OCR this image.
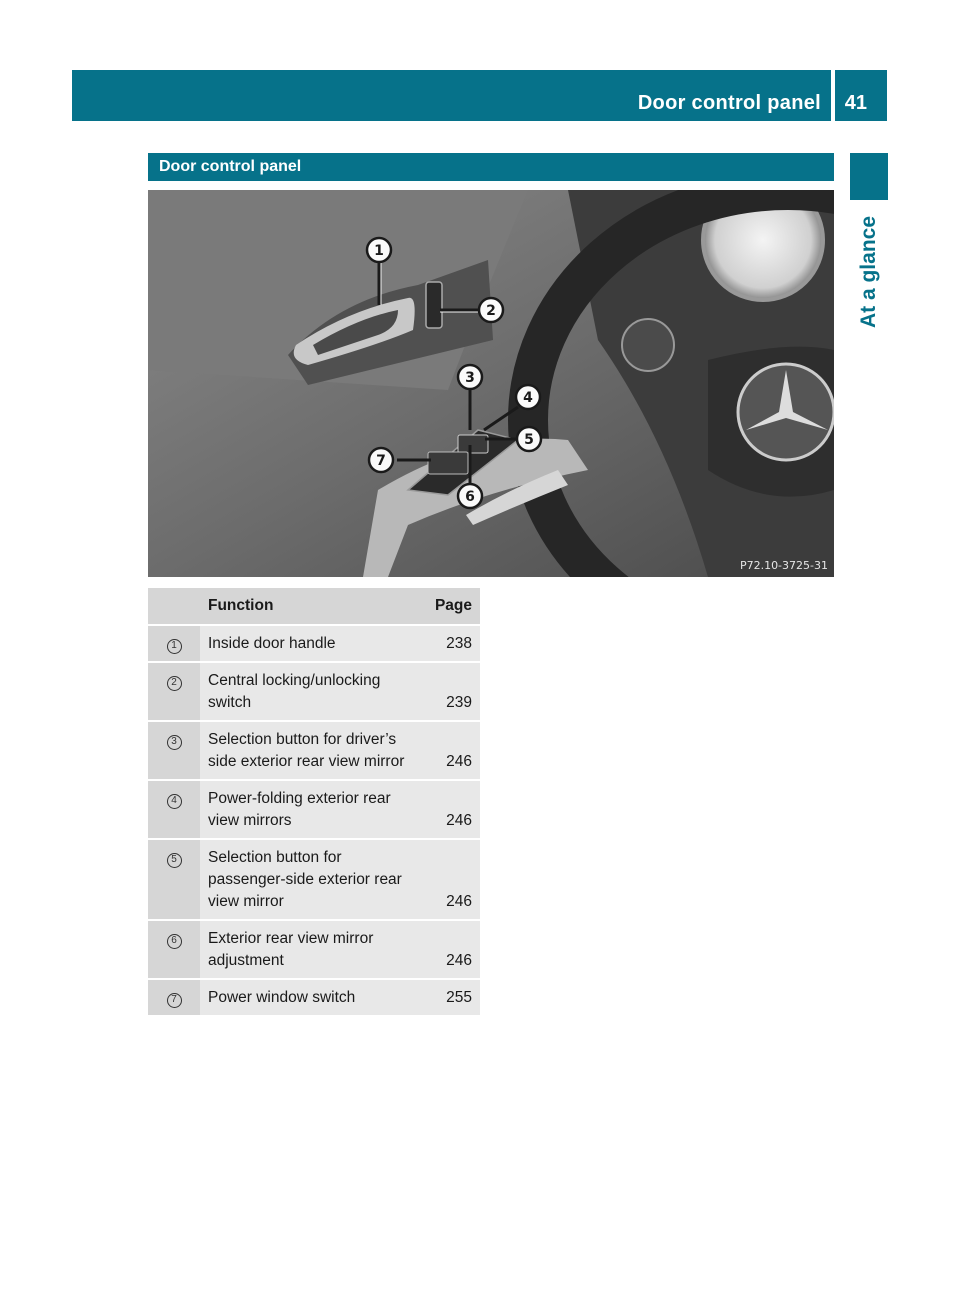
Door control panel 41
At a glance
Door control panel
1
2
3
4
5
6
7
P72.10-3725-31
	Function	Page
1	Inside door handle	238
2	Central locking/unlocking switch	239
3	Selection button for driver’s side exterior rear view mirror	246
4	Power-folding exterior rear view mirrors	246
5	Selection button for passenger-side exterior rear view mirror	246
6	Exterior rear view mirror adjustment	246
7	Power window switch	255
